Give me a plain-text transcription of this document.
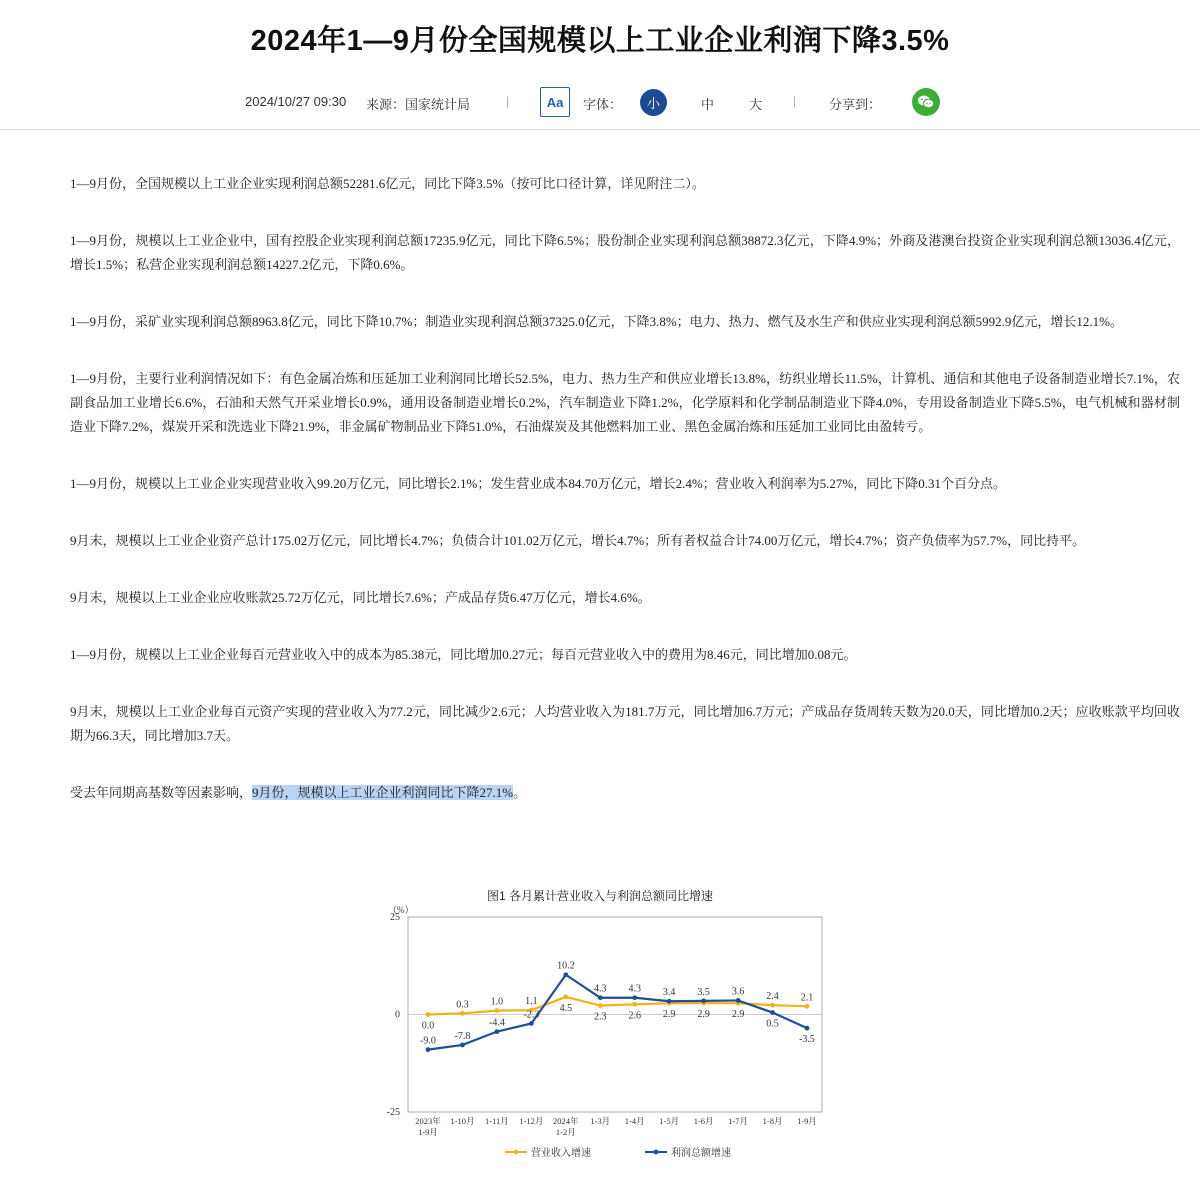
2024年1—9月份全国规模以上工业企业利润下降3.5%
2024/10/27 09:30 来源：国家统计局	|	Aa	字体：	小	中	大	|	分享到：

1—9月份，全国规模以上工业企业实现利润总额52281.6亿元，同比下降3.5%（按可比口径计算，详见附注二）。

1—9月份，规模以上工业企业中，国有控股企业实现利润总额17235.9亿元，同比下降6.5%；股份制企业实现利润总额38872.3亿元，下降4.9%；外商及港澳台投资企业实现利润总额13036.4亿元，增长1.5%；私营企业实现利润总额14227.2亿元，下降0.6%。

1—9月份，采矿业实现利润总额8963.8亿元，同比下降10.7%；制造业实现利润总额37325.0亿元，下降3.8%；电力、热力、燃气及水生产和供应业实现利润总额5992.9亿元，增长12.1%。

1—9月份，主要行业利润情况如下：有色金属冶炼和压延加工业利润同比增长52.5%，电力、热力生产和供应业增长13.8%，纺织业增长11.5%，计算机、通信和其他电子设备制造业增长7.1%，农副食品加工业增长6.6%，石油和天然气开采业增长0.9%，通用设备制造业增长0.2%，汽车制造业下降1.2%，化学原料和化学制品制造业下降4.0%，专用设备制造业下降5.5%，电气机械和器材制造业下降7.2%，煤炭开采和洗选业下降21.9%，非金属矿物制品业下降51.0%，石油煤炭及其他燃料加工业、黑色金属冶炼和压延加工业同比由盈转亏。

1—9月份，规模以上工业企业实现营业收入99.20万亿元，同比增长2.1%；发生营业成本84.70万亿元，增长2.4%；营业收入利润率为5.27%，同比下降0.31个百分点。

9月末，规模以上工业企业资产总计175.02万亿元，同比增长4.7%；负债合计101.02万亿元，增长4.7%；所有者权益合计74.00万亿元，增长4.7%；资产负债率为57.7%，同比持平。

9月末，规模以上工业企业应收账款25.72万亿元，同比增长7.6%；产成品存货6.47万亿元，增长4.6%。

1—9月份，规模以上工业企业每百元营业收入中的成本为85.38元，同比增加0.27元；每百元营业收入中的费用为8.46元，同比增加0.08元。

9月末，规模以上工业企业每百元资产实现的营业收入为77.2元，同比减少2.6元；人均营业收入为181.7万元，同比增加6.7万元；产成品存货周转天数为20.0天，同比增加0.2天；应收账款平均回收期为66.3天，同比增加3.7天。

受去年同期高基数等因素影响，9月份，规模以上工业企业利润同比下降27.1%。

图1 各月累计营业收入与利润总额同比增速
（%）
25
0
-25
2023年
1-9月
1-10月 1-11月 1-12月 2024年
1-2月
1-3月 1-4月 1-5月 1-6月 1-7月 1-8月 1-9月
0.0
0.3 1.0 1.1
4.5
2.3 2.6 2.9 2.9 2.9
2.4 2.1
-9.0 -7.8
-4.4
-2.3
10.2
4.3 4.3 3.4 3.5 3.6
0.5
-3.5
营业收入增速	利润总额增速
